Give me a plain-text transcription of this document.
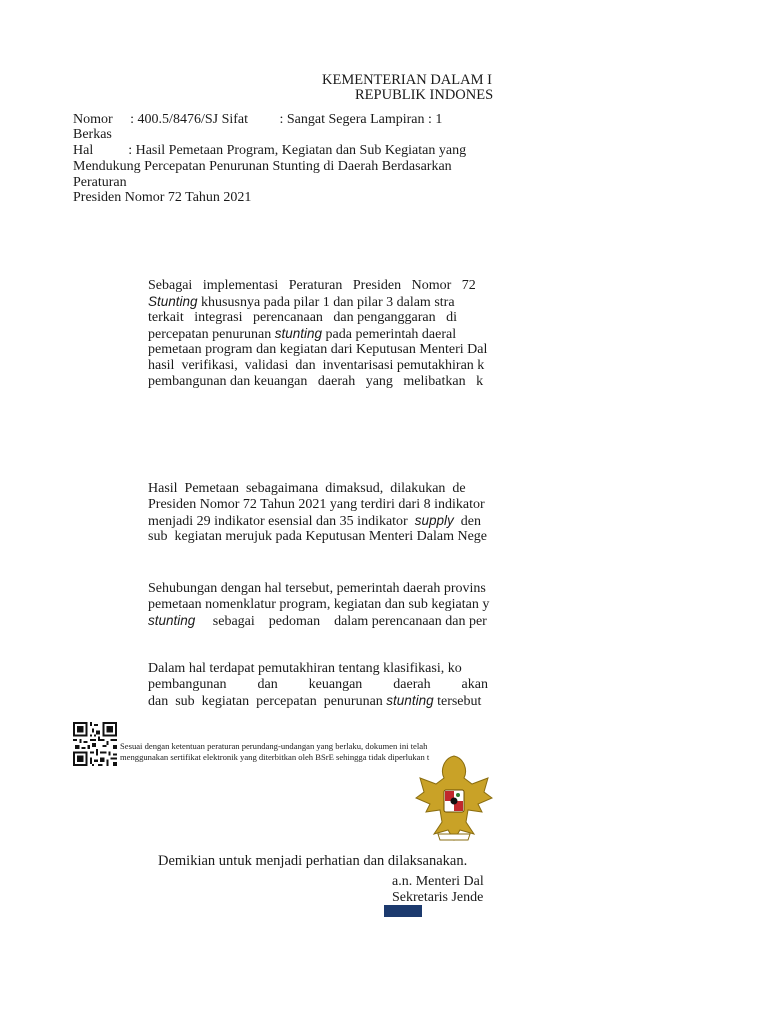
KEMENTERIAN DALAM I
REPUBLIK INDONES
Nomor     : 400.5/8476/SJ Sifat         : Sangat Segera Lampiran : 1
Berkas
Hal          : Hasil Pemetaan Program, Kegiatan dan Sub Kegiatan yang
Mendukung Percepatan Penurunan Stunting di Daerah Berdasarkan
Peraturan
Presiden Nomor 72 Tahun 2021
Sebagai   implementasi   Peraturan   Presiden   Nomor   72
Stunting khususnya pada pilar 1 dan pilar 3 dalam stra
terkait   integrasi   perencanaan   dan penganggaran   di
percepatan penurunan stunting pada pemerintah daeral
pemetaan program dan kegiatan dari Keputusan Menteri Dal
hasil  verifikasi,  validasi  dan  inventarisasi pemutakhiran k
pembangunan dan keuangan   daerah   yang   melibatkan   k
Hasil  Pemetaan  sebagaimana  dimaksud,  dilakukan  de
Presiden Nomor 72 Tahun 2021 yang terdiri dari 8 indikator
menjadi 29 indikator esensial dan 35 indikator  supply  den
sub  kegiatan merujuk pada Keputusan Menteri Dalam Nege
Sehubungan dengan hal tersebut, pemerintah daerah provins
pemetaan nomenklatur program, kegiatan dan sub kegiatan y
stunting     sebagai    pedoman    dalam perencanaan dan per
Dalam hal terdapat pemutakhiran tentang klasifikasi, ko
pembangunan dan keuangan daerah akan
dan  sub  kegiatan  percepatan  penurunan stunting tersebut
Sesuai dengan ketentuan peraturan perundang-undangan yang berlaku, dokumen ini telah
menggunakan sertifikat elektronik yang diterbitkan oleh BSrE sehingga tidak diperlukan t
Demikian untuk menjadi perhatian dan dilaksanakan.
a.n. Menteri Dal
Sekretaris Jende
